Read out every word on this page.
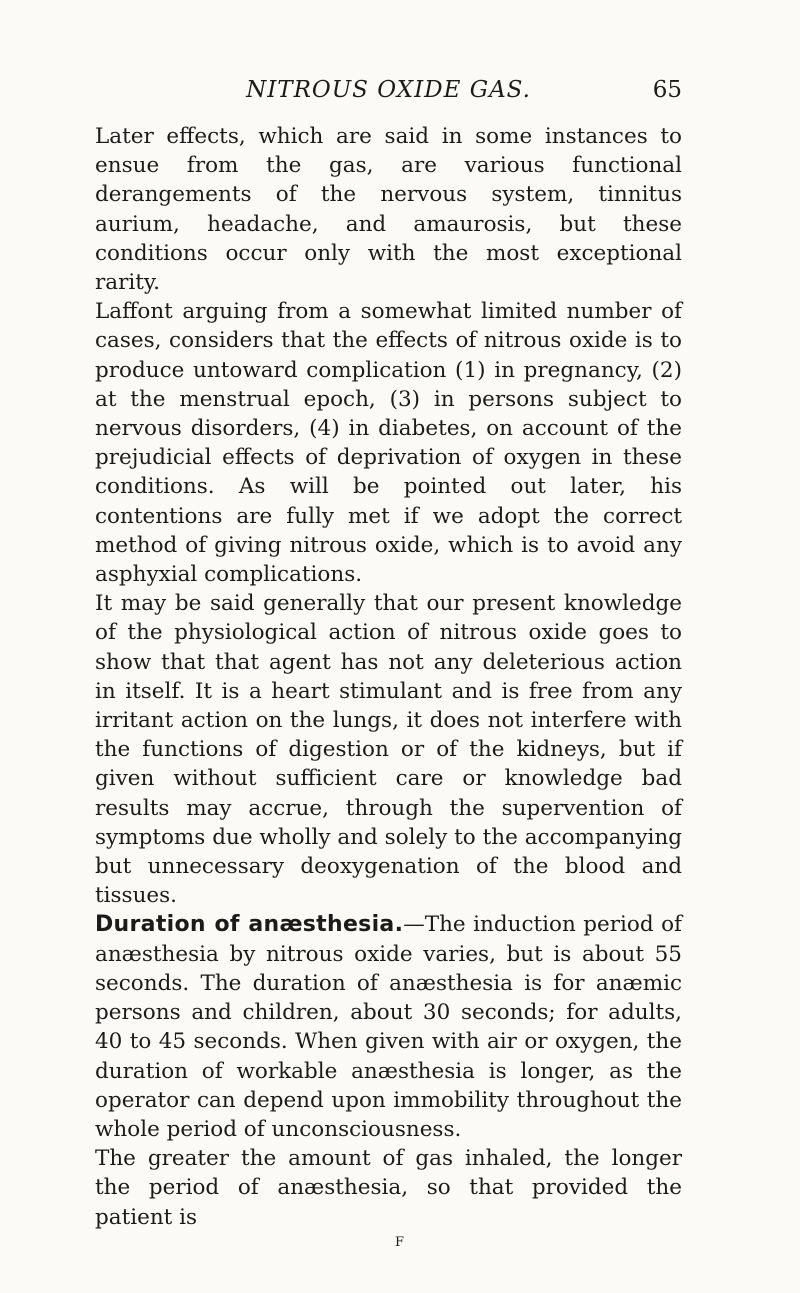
NITROUS OXIDE GAS.	65

Later effects, which are said in some instances to ensue from the gas, are various functional derangements of the nervous system, tinnitus aurium, headache, and amaurosis, but these conditions occur only with the most exceptional rarity.

Laffont arguing from a somewhat limited number of cases, considers that the effects of nitrous oxide is to produce untoward complication (1) in pregnancy, (2) at the menstrual epoch, (3) in persons subject to nervous disorders, (4) in diabetes, on account of the prejudicial effects of deprivation of oxygen in these conditions. As will be pointed out later, his contentions are fully met if we adopt the correct method of giving nitrous oxide, which is to avoid any asphyxial complications.

It may be said generally that our present knowledge of the physiological action of nitrous oxide goes to show that that agent has not any deleterious action in itself. It is a heart stimulant and is free from any irritant action on the lungs, it does not interfere with the functions of digestion or of the kidneys, but if given without sufficient care or knowledge bad results may accrue, through the supervention of symptoms due wholly and solely to the accompanying but unnecessary deoxygenation of the blood and tissues.

Duration of anæsthesia.—The induction period of anæsthesia by nitrous oxide varies, but is about 55 seconds. The duration of anæsthesia is for anæmic persons and children, about 30 seconds; for adults, 40 to 45 seconds. When given with air or oxygen, the duration of workable anæsthesia is longer, as the operator can depend upon immobility throughout the whole period of unconsciousness.

The greater the amount of gas inhaled, the longer the period of anæsthesia, so that provided the patient is

F
